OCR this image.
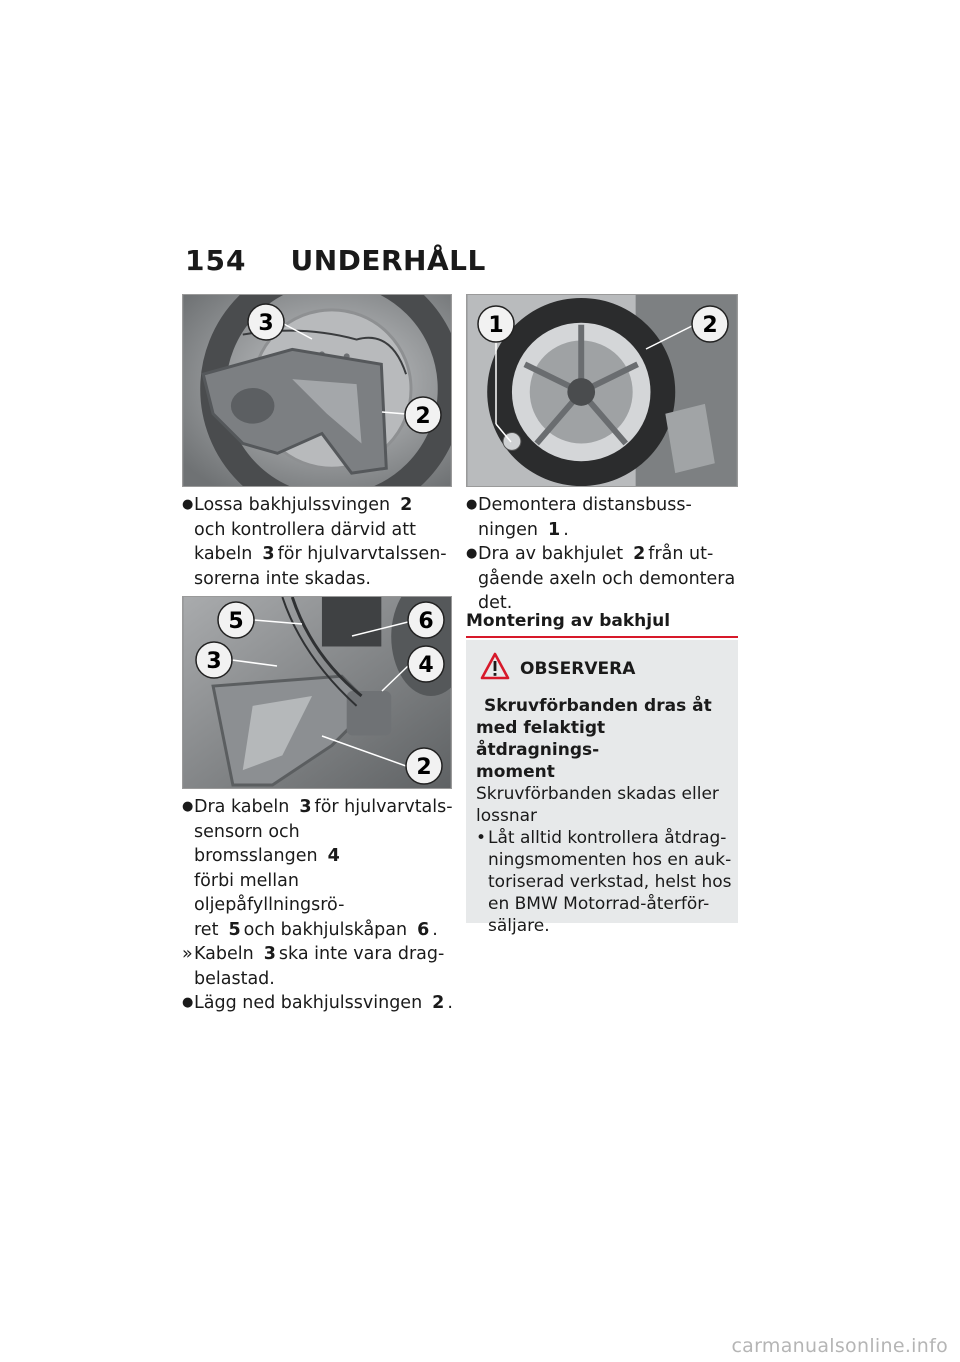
154 UNDERHÅLL
3
2
5	6
3	4
2
1	2
● Lossa bakhjulssvingen 2
och kontrollera därvid att
kabeln 3 för hjulvarvtalssen-
sorerna inte skadas.
● Dra kabeln 3 för hjulvarvtals-
sensorn och bromsslangen 4
förbi mellan oljepåfyllningsrö-
ret 5 och bakhjulskåpan 6 .
» Kabeln 3 ska inte vara drag-
belastad.
● Lägg ned bakhjulssvingen 2 .
● Demontera distansbuss-
ningen 1 .
● Dra av bakhjulet 2 från ut-
gående axeln och demontera
det.
Montering av bakhjul
OBSERVERA
Skruvförbanden dras åt
med felaktigt åtdragnings-
moment
Skruvförbanden skadas eller
lossnar
• Låt alltid kontrollera åtdrag-
ningsmomenten hos en auk-
toriserad verkstad, helst hos
en BMW Motorrad-återför-
säljare.
carmanualsonline.info
